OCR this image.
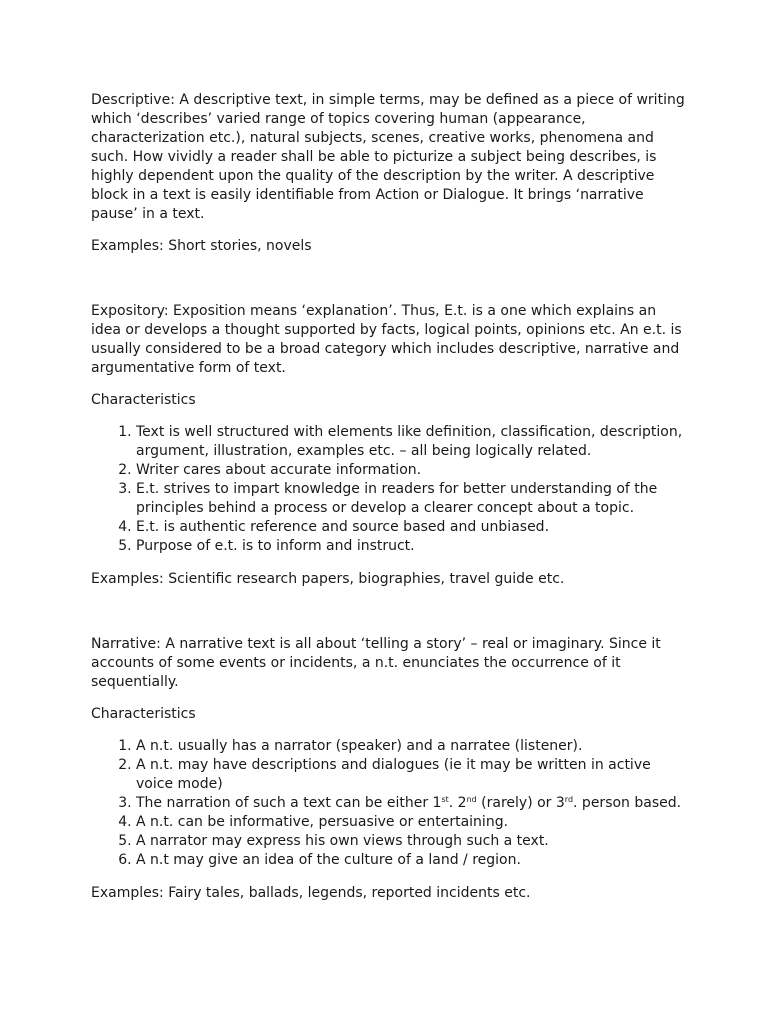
Descriptive: A descriptive text, in simple terms, may be defined as a piece of writing which ‘describes’ varied range of topics covering human (appearance, characterization etc.), natural subjects, scenes, creative works, phenomena and such. How vividly a reader shall be able to picturize a subject being describes, is highly dependent upon the quality of the description by the writer. A descriptive block in a text is easily identifiable from Action or Dialogue. It brings ‘narrative pause’ in a text.

Examples: Short stories, novels

Expository: Exposition means ‘explanation’. Thus, E.t. is a one which explains an idea or develops a thought supported by facts, logical points, opinions etc. An e.t. is usually considered to be a broad category which includes descriptive, narrative and argumentative form of text.

Characteristics

1. Text is well structured with elements like definition, classification, description, argument, illustration, examples etc. – all being logically related.
2. Writer cares about accurate information.
3. E.t. strives to impart knowledge in readers for better understanding of the principles behind a process or develop a clearer concept about a topic.
4. E.t. is authentic reference and source based and unbiased.
5. Purpose of e.t. is to inform and instruct.

Examples: Scientific research papers, biographies, travel guide etc.

Narrative: A narrative text is all about ‘telling a story’ – real or imaginary. Since it accounts of some events or incidents, a n.t. enunciates the occurrence of it sequentially.

Characteristics

1. A n.t. usually has a narrator (speaker) and a narratee (listener).
2. A n.t. may have descriptions and dialogues (ie it may be written in active voice mode)
3. The narration of such a text can be either 1st. 2nd (rarely) or 3rd. person based.
4. A n.t. can be informative, persuasive or entertaining.
5. A narrator may express his own views through such a text.
6. A n.t may give an idea of the culture of a land / region.

Examples: Fairy tales, ballads, legends, reported incidents etc.
